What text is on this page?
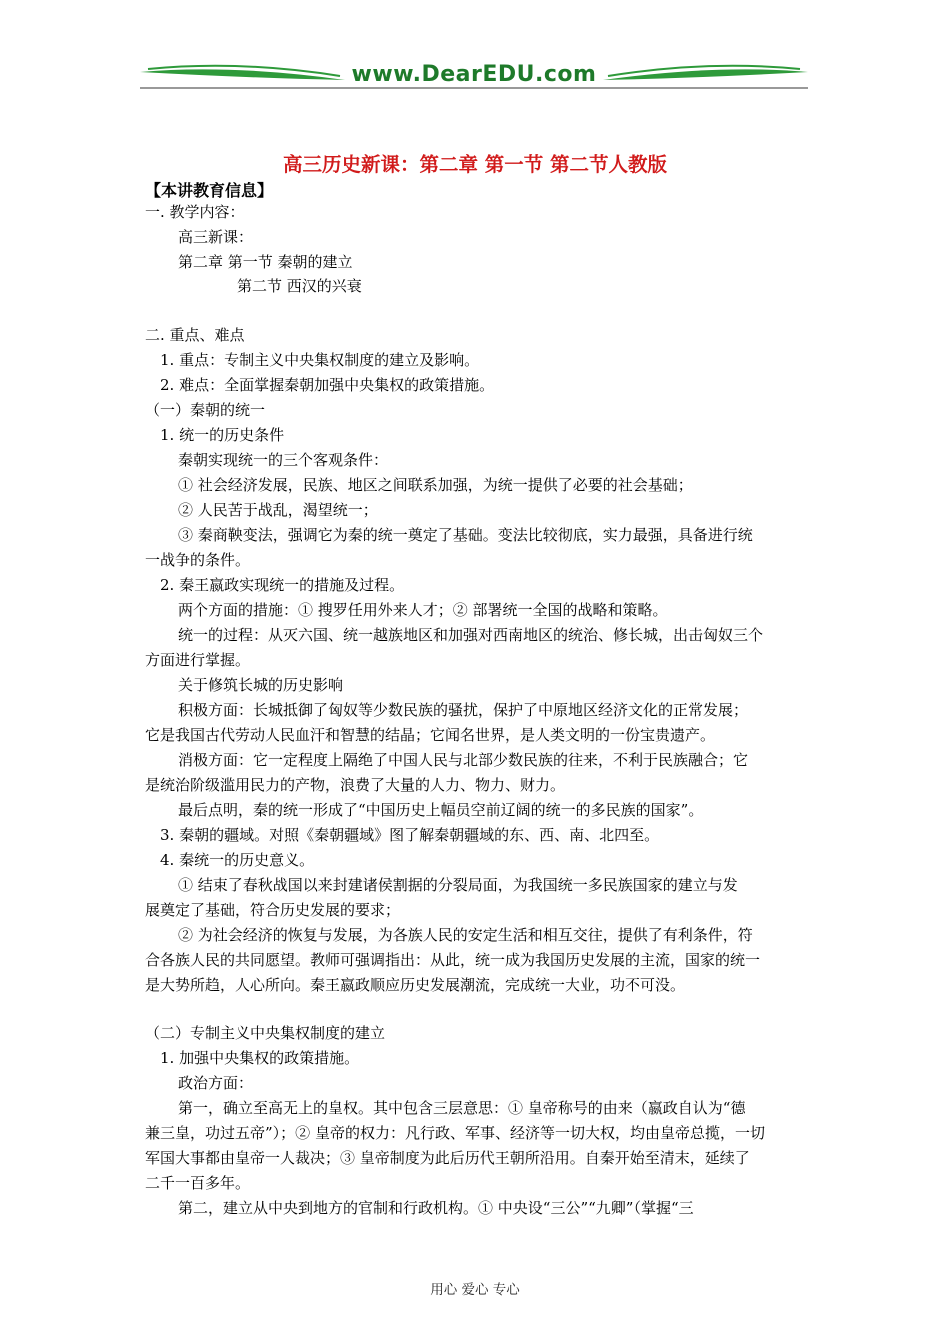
www.DearEDU.com
高三历史新课：第二章 第一节 第二节人教版
【本讲教育信息】
一. 教学内容：
高三新课：
第二章 第一节 秦朝的建立
第二节 西汉的兴衰
二. 重点、难点
1. 重点：专制主义中央集权制度的建立及影响。
2. 难点：全面掌握秦朝加强中央集权的政策措施。
（一）秦朝的统一
1. 统一的历史条件
秦朝实现统一的三个客观条件：
① 社会经济发展，民族、地区之间联系加强，为统一提供了必要的社会基础；
② 人民苦于战乱，渴望统一；
③ 秦商鞅变法，强调它为秦的统一奠定了基础。变法比较彻底，实力最强，具备进行统
一战争的条件。
2. 秦王嬴政实现统一的措施及过程。
两个方面的措施：① 搜罗任用外来人才；② 部署统一全国的战略和策略。
统一的过程：从灭六国、统一越族地区和加强对西南地区的统治、修长城，出击匈奴三个
方面进行掌握。
关于修筑长城的历史影响
积极方面：长城抵御了匈奴等少数民族的骚扰，保护了中原地区经济文化的正常发展；
它是我国古代劳动人民血汗和智慧的结晶；它闻名世界，是人类文明的一份宝贵遗产。
消极方面：它一定程度上隔绝了中国人民与北部少数民族的往来，不利于民族融合；它
是统治阶级滥用民力的产物，浪费了大量的人力、物力、财力。
最后点明，秦的统一形成了“中国历史上幅员空前辽阔的统一的多民族的国家”。
3. 秦朝的疆域。对照《秦朝疆域》图了解秦朝疆域的东、西、南、北四至。
4. 秦统一的历史意义。
① 结束了春秋战国以来封建诸侯割据的分裂局面，为我国统一多民族国家的建立与发
展奠定了基础，符合历史发展的要求；
② 为社会经济的恢复与发展，为各族人民的安定生活和相互交往，提供了有利条件，符
合各族人民的共同愿望。教师可强调指出：从此，统一成为我国历史发展的主流，国家的统一
是大势所趋，人心所向。秦王嬴政顺应历史发展潮流，完成统一大业，功不可没。
（二）专制主义中央集权制度的建立
1. 加强中央集权的政策措施。
政治方面：
第一，确立至高无上的皇权。其中包含三层意思：① 皇帝称号的由来（嬴政自认为“德
兼三皇，功过五帝”）；② 皇帝的权力：凡行政、军事、经济等一切大权，均由皇帝总揽，一切
军国大事都由皇帝一人裁决；③ 皇帝制度为此后历代王朝所沿用。自秦开始至清末，延续了
二千一百多年。
第二，建立从中央到地方的官制和行政机构。① 中央设“三公”“九卿”（掌握“三
用心 爱心 专心
